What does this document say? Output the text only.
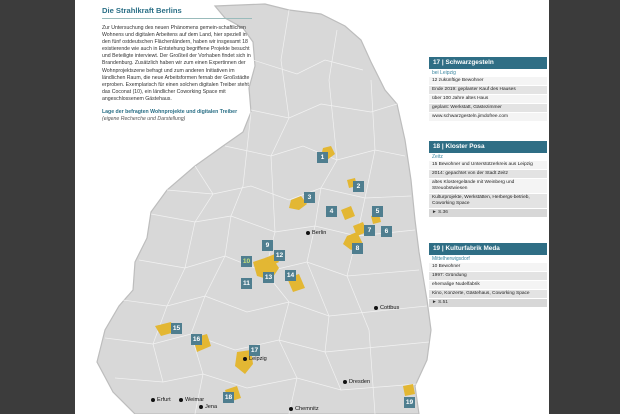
Die Strahlkraft Berlins
Zur Untersuchung des neuen Phänomens gemein-schaftlichen Wohnens und digitalen Arbeitens auf dem Land, hier speziell in den fünf ostdeutschen Flächenländern, haben wir insgesamt 18 existierende wie auch in Entstehung begriffene Projekte besucht und Beteiligte interviewt. Der Großteil der Vorhaben findet sich in Brandenburg. Zusätzlich haben wir zum einen Expertinnen der Wohnprojektszene befragt und zum anderen Initiativen im ländlichen Raum, die neue Arbeitsformen fernab der Großstädte erproben. Exemplarisch für einen solchen digitalen Treiber steht das Coconat (10), ein ländlicher Coworking Space mit angeschlossenem Gästehaus.
Lage der befragten Wohnprojekte und digitalen Treiber
(eigene Recherche und Darstellung)
1
2
3
4	5
6
7
8
9
10
11
12
13 14
15
16
17
18
19
Berlin
Cottbus
Leipzig
Dresden
Erfurt	Weimar
Jena	Chemnitz
17 | Schwarzgesteln
bei Leipzig
12 zukünftige Bewohner
Ende 2019: geplanter Kauf des Hauses
über 100 Jahre altes Haus
geplant: Werkstatt, Gästezimmer
www.schwarzgesteln.jimdofree.com
18 | Kloster Posa
Zeitz
15 Bewohner und Unterstützerkreis aus Leipzig
2014: gepachtet von der Stadt Zeitz
altes Klostergelände mit Weinberg und Streuobstwiesen
Kulturprojekte, Werkstätten, Herbergs-betrieb, Coworking Space
► S.36
19 | Kulturfabrik Meda
Mittelherwigsdorf
10 Bewohner
1997: Gründung
ehemalige Nudelfabrik
Kino, Konzerte, Gästehaus, Coworking Space
► S.51
